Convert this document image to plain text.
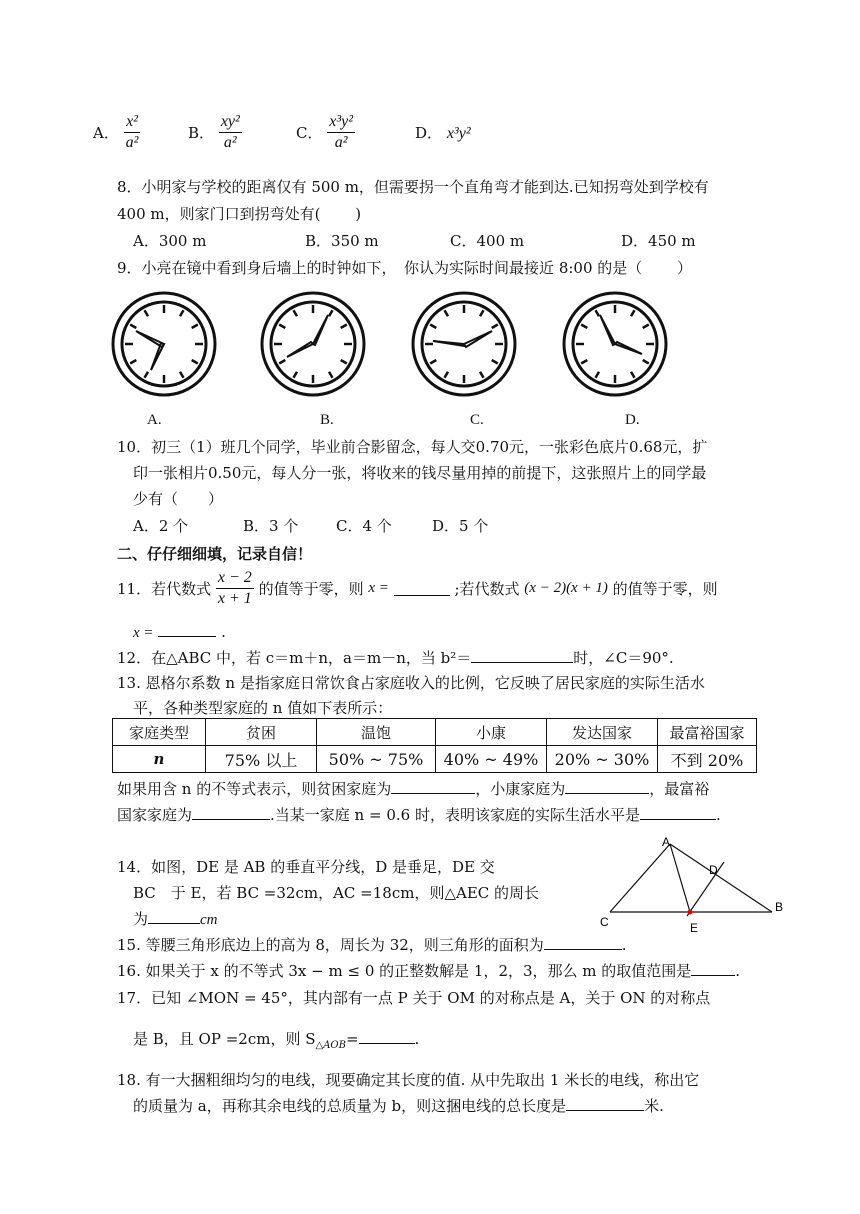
A． $\frac{\text{x²}}{\text{a²}}$	B． $\frac{\text{xy²}}{\text{a²}}$	C． $\frac{\text{x³y²}}{\text{a²}}$	D． x³y²
8．小明家与学校的距离仅有 500 m，但需要拐一个直角弯才能到达.已知拐弯处到学校有
400 m，则家门口到拐弯处有(　　 )
A．300 m	B．350 m	C．400 m	D．450 m
9．小亮在镜中看到身后墙上的时钟如下，　你认为实际时间最接近 8:00 的是（　　 ）
A.	B.	C.	D.
10．初三（1）班几个同学，毕业前合影留念，每人交0.70元，一张彩色底片0.68元，扩
印一张相片0.50元，每人分一张，将收来的钱尽量用掉的前提下，这张照片上的同学最
少有（　　）
A．2 个	B．3 个	C．4 个	D．5 个
二、仔仔细细填，记录自信！
11．若代数式 $\frac{x - 2}{x + 1}$ 的值等于零，则 x =	;若代数式 (x − 2)(x + 1) 的值等于零，则
x =	.
12．在△ABC 中，若 c＝m＋n，a＝m－n，当 b²＝	时，∠C＝90°.
13. 恩格尔系数 n 是指家庭日常饮食占家庭收入的比例，它反映了居民家庭的实际生活水
平，各种类型家庭的 n 值如下表所示：
家庭类型	贫困	温饱	小康	发达国家	最富裕国家
n	75% 以上	50% ~ 75%	40% ~ 49%	20% ~ 30%	不到 20%
如果用含 n 的不等式表示，则贫困家庭为	，小康家庭为	，最富裕
国家家庭为	.当某一家庭 n = 0.6 时，表明该家庭的实际生活水平是	.
14．如图，DE 是 AB 的垂直平分线，D 是垂足，DE 交
BC　于 E，若 BC =32cm，AC =18cm，则△AEC 的周长
为	cm
A
B
C
D
E
15. 等腰三角形底边上的高为 8，周长为 32，则三角形的面积为	.
16. 如果关于 x 的不等式 3x − m ≤ 0 的正整数解是 1，2，3，那么 m 的取值范围是	.
17．已知 ∠MON = 45°，其内部有一点 P 关于 OM 的对称点是 A，关于 ON 的对称点
是 B，且 OP =2cm，则 $S_{\triangle AOB}=$	.
18. 有一大捆粗细均匀的电线，现要确定其长度的值. 从中先取出 1 米长的电线，称出它
的质量为 a，再称其余电线的总质量为 b，则这捆电线的总长度是	米.
